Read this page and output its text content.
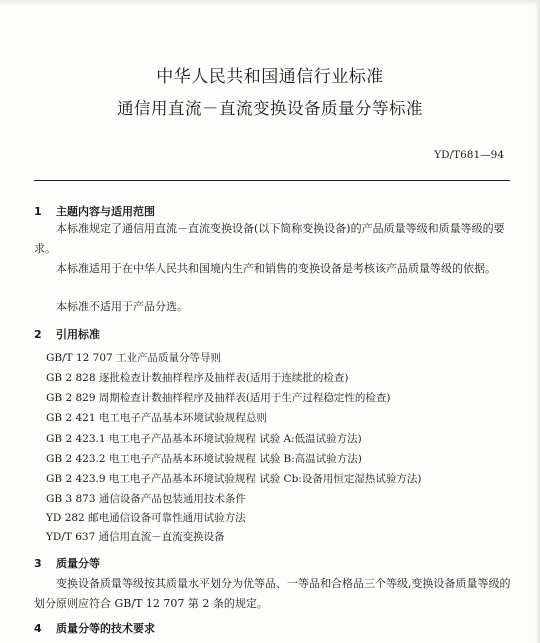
中华人民共和国通信行业标准
通信用直流－直流变换设备质量分等标准
YD/T681—94
1 主题内容与适用范围
本标准规定了通信用直流－直流变换设备(以下简称变换设备)的产品质量等级和质量等级的要求。
本标准适用于在中华人民共和国境内生产和销售的变换设备是考核该产品质量等级的依据。
本标准不适用于产品分选。
2 引用标准
GB/T 12 707 工业产品质量分等导则
GB 2 828 逐批检查计数抽样程序及抽样表(适用于连续批的检查)
GB 2 829 周期检查计数抽样程序及抽样表(适用于生产过程稳定性的检查)
GB 2 421 电工电子产品基本环境试验规程总则
GB 2 423.1 电工电子产品基本环境试验规程 试验 A:低温试验方法)
GB 2 423.2 电工电子产品基本环境试验规程 试验 B:高温试验方法)
GB 2 423.9 电工电子产品基本环境试验规程 试验 Cb:设备用恒定湿热试验方法)
GB 3 873 通信设备产品包装通用技术条件
YD 282 邮电通信设备可靠性通用试验方法
YD/T 637 通信用直流－直流变换设备
3 质量分等
变换设备质量等级按其质量水平划分为优等品、一等品和合格品三个等级,变换设备质量等级的划分原则应符合 GB/T 12 707 第 2 条的规定。
4 质量分等的技术要求
